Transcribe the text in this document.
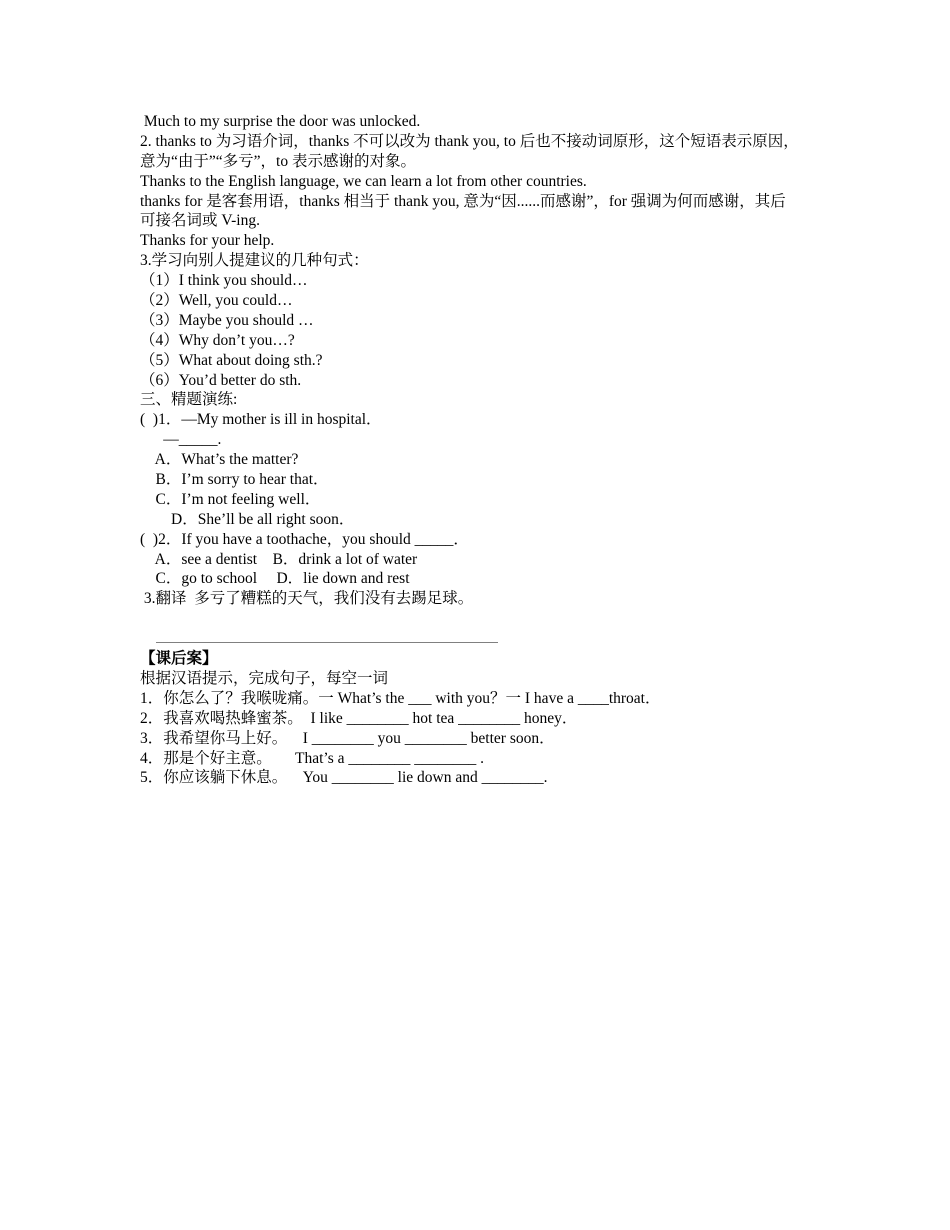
Much to my surprise the door was unlocked.
2. thanks to 为习语介词，thanks 不可以改为 thank you, to 后也不接动词原形，这个短语表示原因，
意为“由于”“多亏”，to 表示感谢的对象。
Thanks to the English language, we can learn a lot from other countries.
thanks for 是客套用语，thanks 相当于 thank you, 意为“因......而感谢”，for 强调为何而感谢，其后
可接名词或 V-ing.
Thanks for your help.
3.学习向别人提建议的几种句式：
（1）I think you should…
（2）Well, you could…
（3）Maybe you should …
（4）Why don’t you…?
（5）What about doing sth.?
（6）You’d better do sth.
三、精题演练:
(  )1．—My mother is ill in hospital．
—_____.
A．What’s the matter?
B．I’m sorry to hear that．
C．I’m not feeling well．
D．She’ll be all right soon．
(  )2．If you have a toothache，you should _____．
A．see a dentist    B．drink a lot of water
C．go to school     D．lie down and rest
3.翻译  多亏了糟糕的天气，我们没有去踢足球。
【课后案】
根据汉语提示，完成句子，每空一词
1．你怎么了？我喉咙痛。一 What’s the ___ with you？一 I have a ____throat．
2．我喜欢喝热蜂蜜茶。  I like ________ hot tea ________ honey．
3．我希望你马上好。    I ________ you ________ better soon．
4．那是个好主意。      That’s a ________ ________ .
5．你应该躺下休息。    You ________ lie down and ________.
